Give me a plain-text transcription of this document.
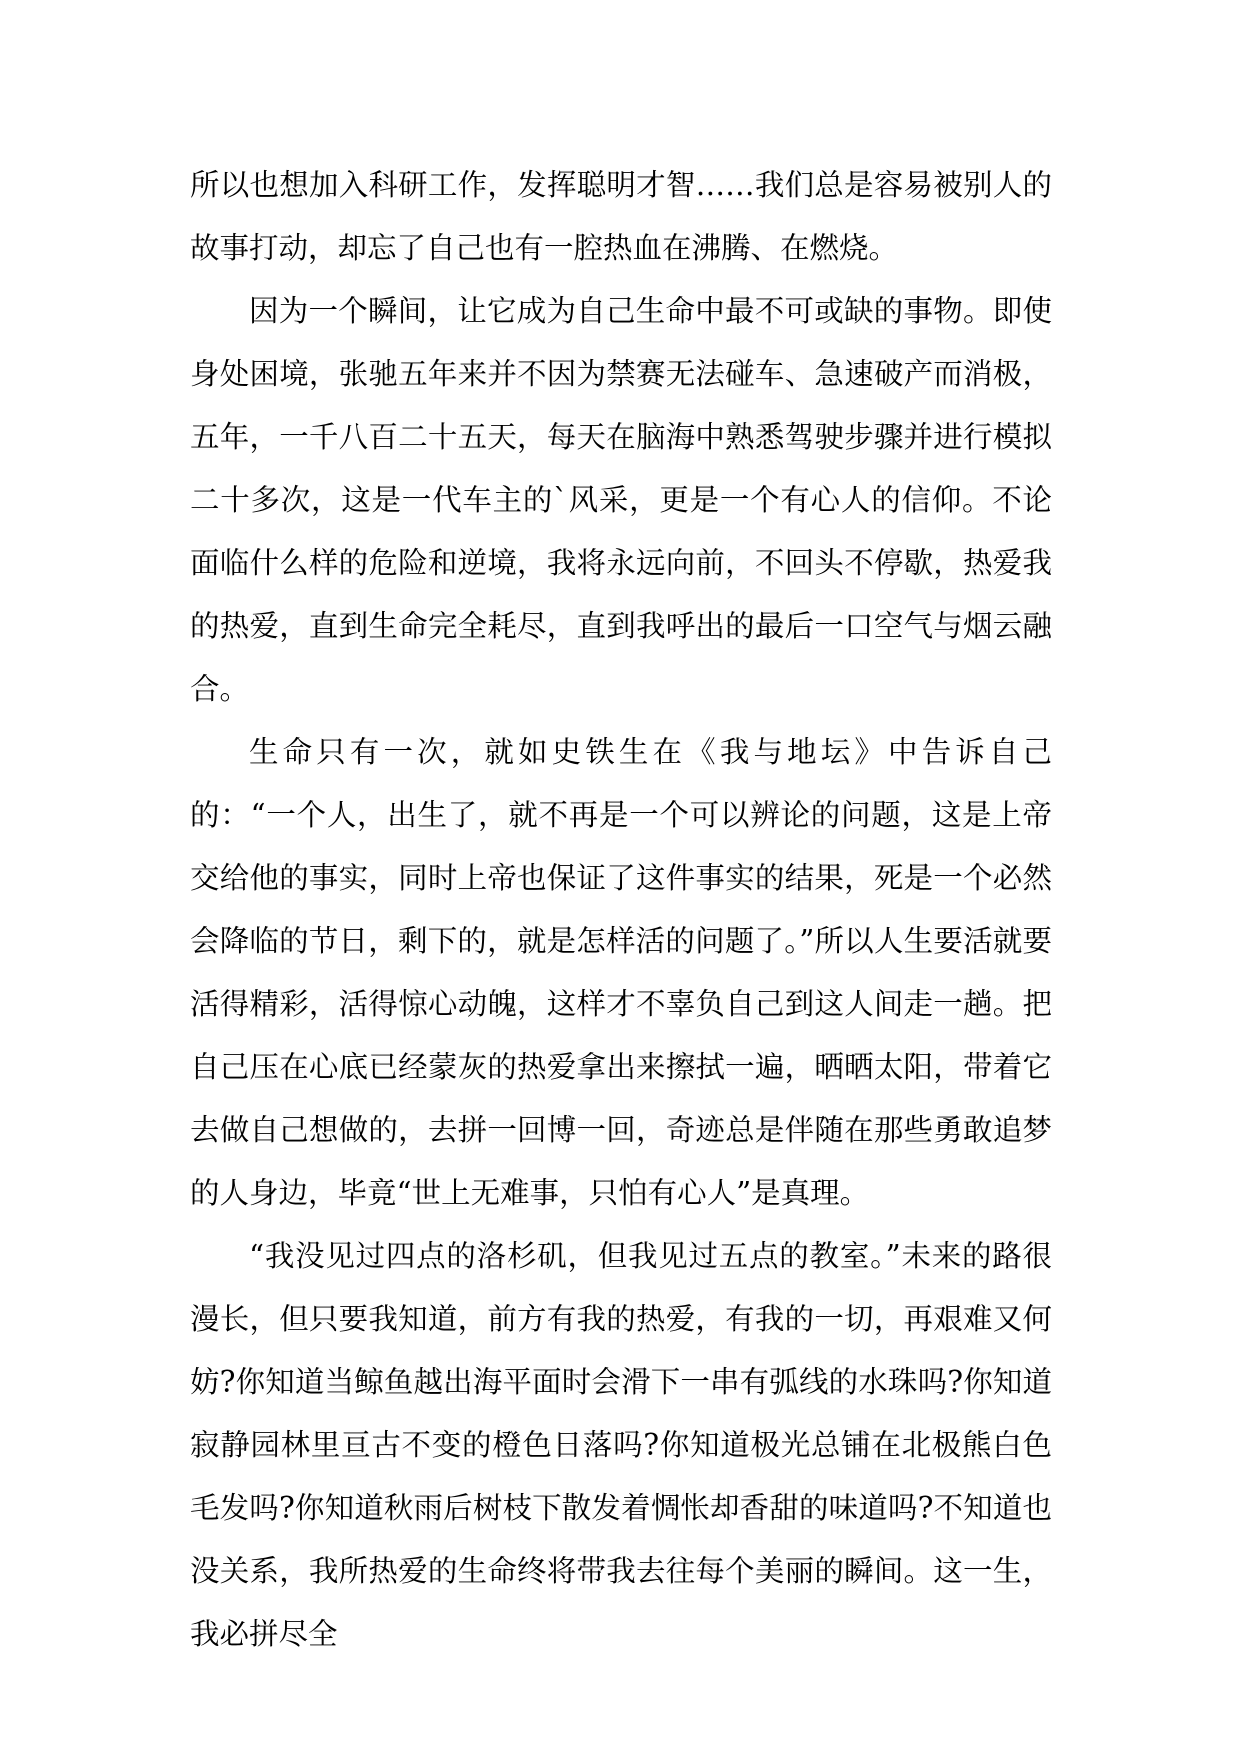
所以也想加入科研工作，发挥聪明才智……我们总是容易被别人的故事打动，却忘了自己也有一腔热血在沸腾、在燃烧。

因为一个瞬间，让它成为自己生命中最不可或缺的事物。即使身处困境，张驰五年来并不因为禁赛无法碰车、急速破产而消极，五年，一千八百二十五天，每天在脑海中熟悉驾驶步骤并进行模拟二十多次，这是一代车主的`风采，更是一个有心人的信仰。不论面临什么样的危险和逆境，我将永远向前，不回头不停歇，热爱我的热爱，直到生命完全耗尽，直到我呼出的最后一口空气与烟云融合。

生命只有一次，就如史铁生在《我与地坛》中告诉自己的：“一个人，出生了，就不再是一个可以辨论的问题，这是上帝交给他的事实，同时上帝也保证了这件事实的结果，死是一个必然会降临的节日，剩下的，就是怎样活的问题了。”所以人生要活就要活得精彩，活得惊心动魄，这样才不辜负自己到这人间走一趟。把自己压在心底已经蒙灰的热爱拿出来擦拭一遍，晒晒太阳，带着它去做自己想做的，去拼一回博一回，奇迹总是伴随在那些勇敢追梦的人身边，毕竟“世上无难事，只怕有心人”是真理。

“我没见过四点的洛杉矶，但我见过五点的教室。”未来的路很漫长，但只要我知道，前方有我的热爱，有我的一切，再艰难又何妨?你知道当鲸鱼越出海平面时会滑下一串有弧线的水珠吗?你知道寂静园林里亘古不变的橙色日落吗?你知道极光总铺在北极熊白色毛发吗?你知道秋雨后树枝下散发着惆怅却香甜的味道吗?不知道也没关系，我所热爱的生命终将带我去往每个美丽的瞬间。这一生，我必拼尽全
